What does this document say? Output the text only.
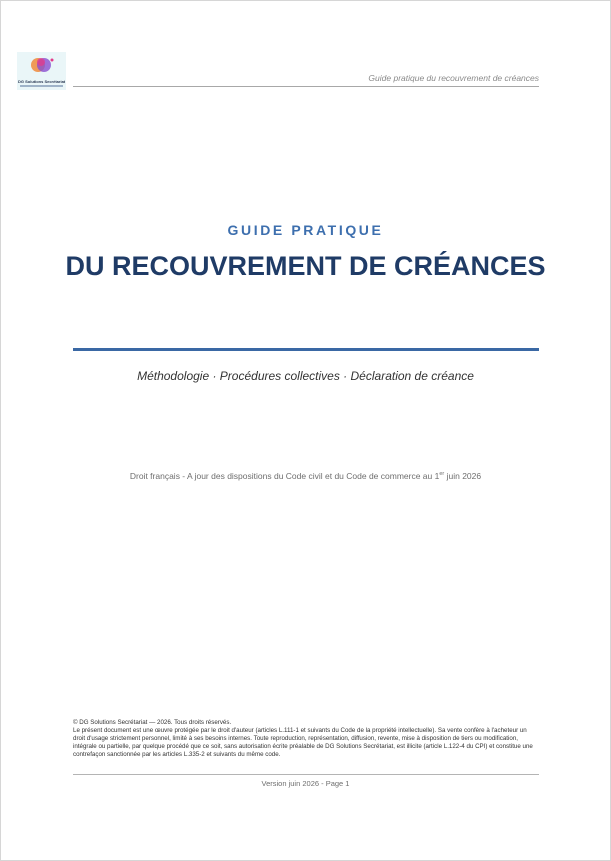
DG Solutions Secrétariat	Guide pratique du recouvrement de créances
GUIDE PRATIQUE
DU RECOUVREMENT DE CRÉANCES
Méthodologie · Procédures collectives · Déclaration de créance
Droit français - A jour des dispositions du Code civil et du Code de commerce au 1er juin 2026

© DG Solutions Secrétariat — 2026. Tous droits réservés.

Le présent document est une œuvre protégée par le droit d'auteur (articles L.111-1 et suivants du Code de la propriété intellectuelle). Sa vente confère à l'acheteur un droit d'usage strictement personnel, limité à ses besoins internes. Toute reproduction, représentation, diffusion, revente, mise à disposition de tiers ou modification, intégrale ou partielle, par quelque procédé que ce soit, sans autorisation écrite préalable de DG Solutions Secrétariat, est illicite (article L.122-4 du CPI) et constitue une contrefaçon sanctionnée par les articles L.335-2 et suivants du même code.

Version juin 2026 - Page 1
